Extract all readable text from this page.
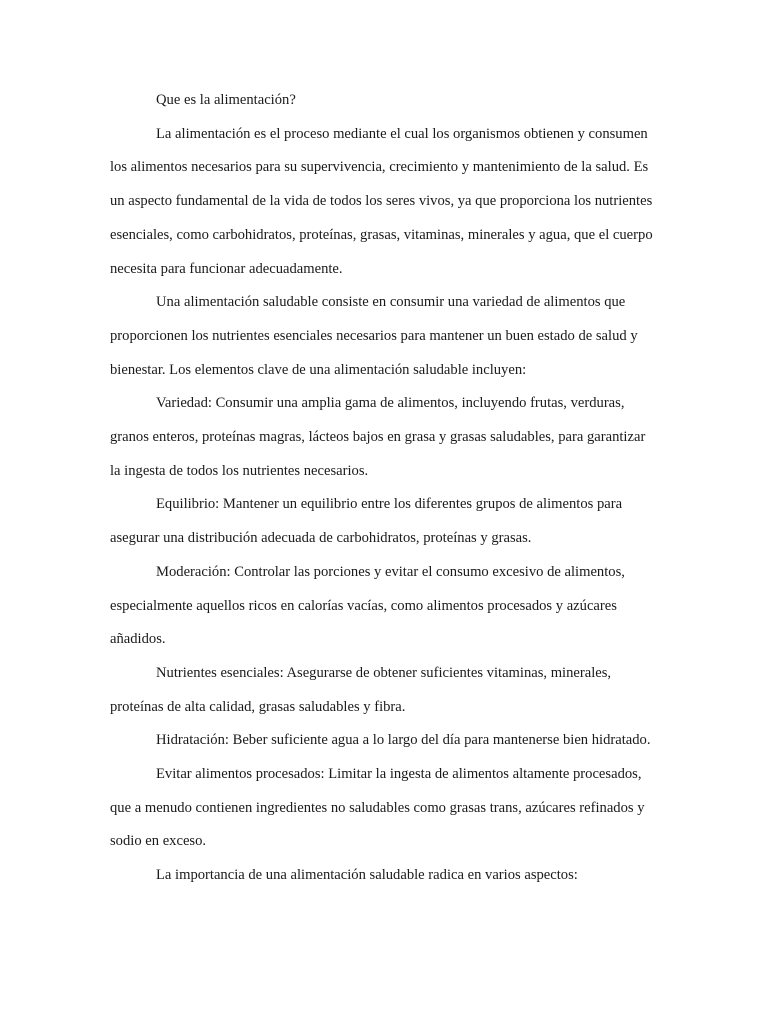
Que es la alimentación?

La alimentación es el proceso mediante el cual los organismos obtienen y consumen los alimentos necesarios para su supervivencia, crecimiento y mantenimiento de la salud. Es un aspecto fundamental de la vida de todos los seres vivos, ya que proporciona los nutrientes esenciales, como carbohidratos, proteínas, grasas, vitaminas, minerales y agua, que el cuerpo necesita para funcionar adecuadamente.

Una alimentación saludable consiste en consumir una variedad de alimentos que proporcionen los nutrientes esenciales necesarios para mantener un buen estado de salud y bienestar. Los elementos clave de una alimentación saludable incluyen:

Variedad: Consumir una amplia gama de alimentos, incluyendo frutas, verduras, granos enteros, proteínas magras, lácteos bajos en grasa y grasas saludables, para garantizar la ingesta de todos los nutrientes necesarios.

Equilibrio: Mantener un equilibrio entre los diferentes grupos de alimentos para asegurar una distribución adecuada de carbohidratos, proteínas y grasas.

Moderación: Controlar las porciones y evitar el consumo excesivo de alimentos, especialmente aquellos ricos en calorías vacías, como alimentos procesados y azúcares añadidos.

Nutrientes esenciales: Asegurarse de obtener suficientes vitaminas, minerales, proteínas de alta calidad, grasas saludables y fibra.

Hidratación: Beber suficiente agua a lo largo del día para mantenerse bien hidratado.

Evitar alimentos procesados: Limitar la ingesta de alimentos altamente procesados, que a menudo contienen ingredientes no saludables como grasas trans, azúcares refinados y sodio en exceso.

La importancia de una alimentación saludable radica en varios aspectos:
